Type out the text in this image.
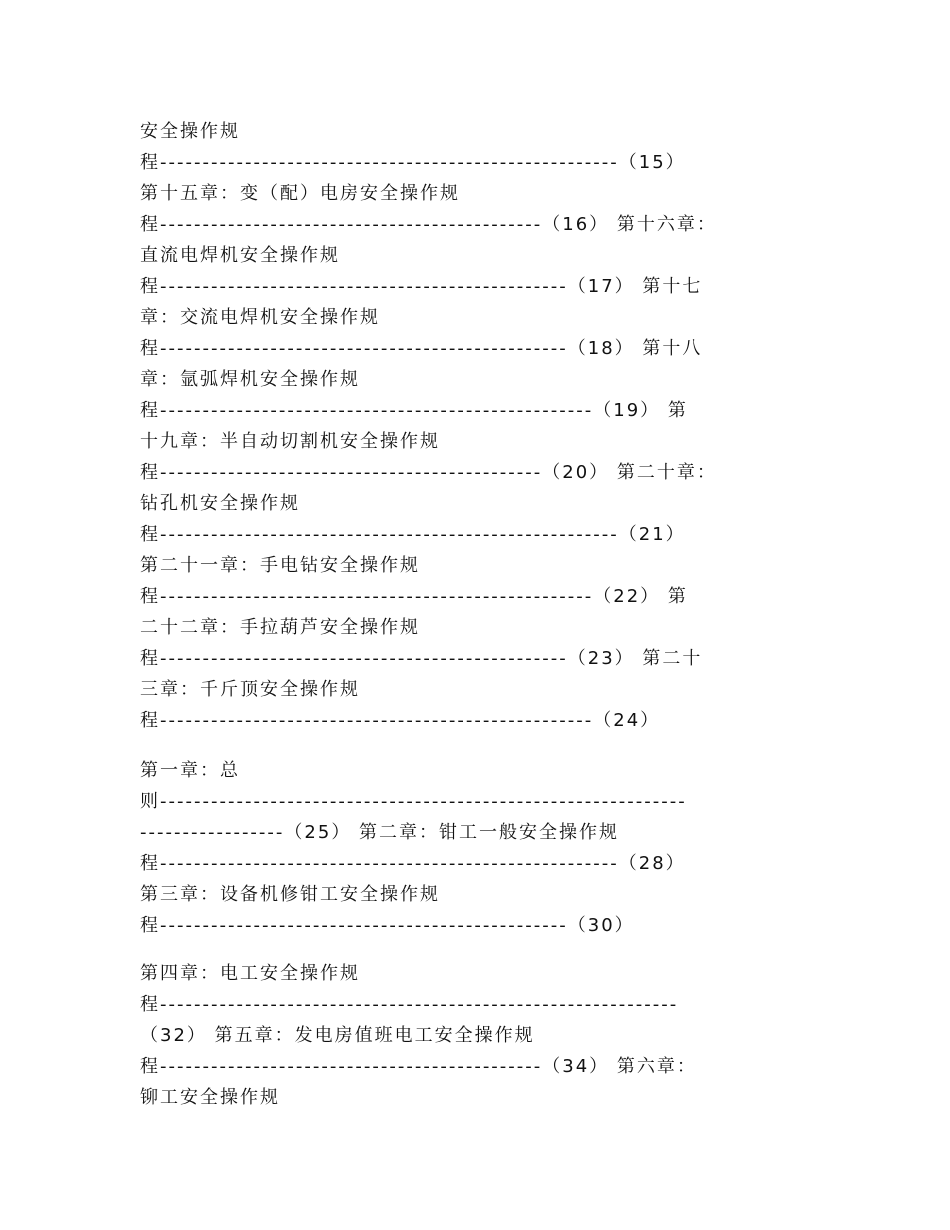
安全操作规
程------------------------------------------------------（15）
第十五章：变（配）电房安全操作规
程---------------------------------------------（16） 第十六章：
直流电焊机安全操作规
程------------------------------------------------（17） 第十七
章：交流电焊机安全操作规
程------------------------------------------------（18） 第十八
章：氩弧焊机安全操作规
程---------------------------------------------------（19） 第
十九章：半自动切割机安全操作规
程---------------------------------------------（20） 第二十章：
钻孔机安全操作规
程------------------------------------------------------（21）
第二十一章：手电钻安全操作规
程---------------------------------------------------（22） 第
二十二章：手拉葫芦安全操作规
程------------------------------------------------（23） 第二十
三章：千斤顶安全操作规
程---------------------------------------------------（24）
第一章：总
则--------------------------------------------------------------
-----------------（25） 第二章：钳工一般安全操作规
程------------------------------------------------------（28）
第三章：设备机修钳工安全操作规
程------------------------------------------------（30）
第四章：电工安全操作规
程-------------------------------------------------------------
（32） 第五章：发电房值班电工安全操作规
程---------------------------------------------（34） 第六章：
铆工安全操作规
